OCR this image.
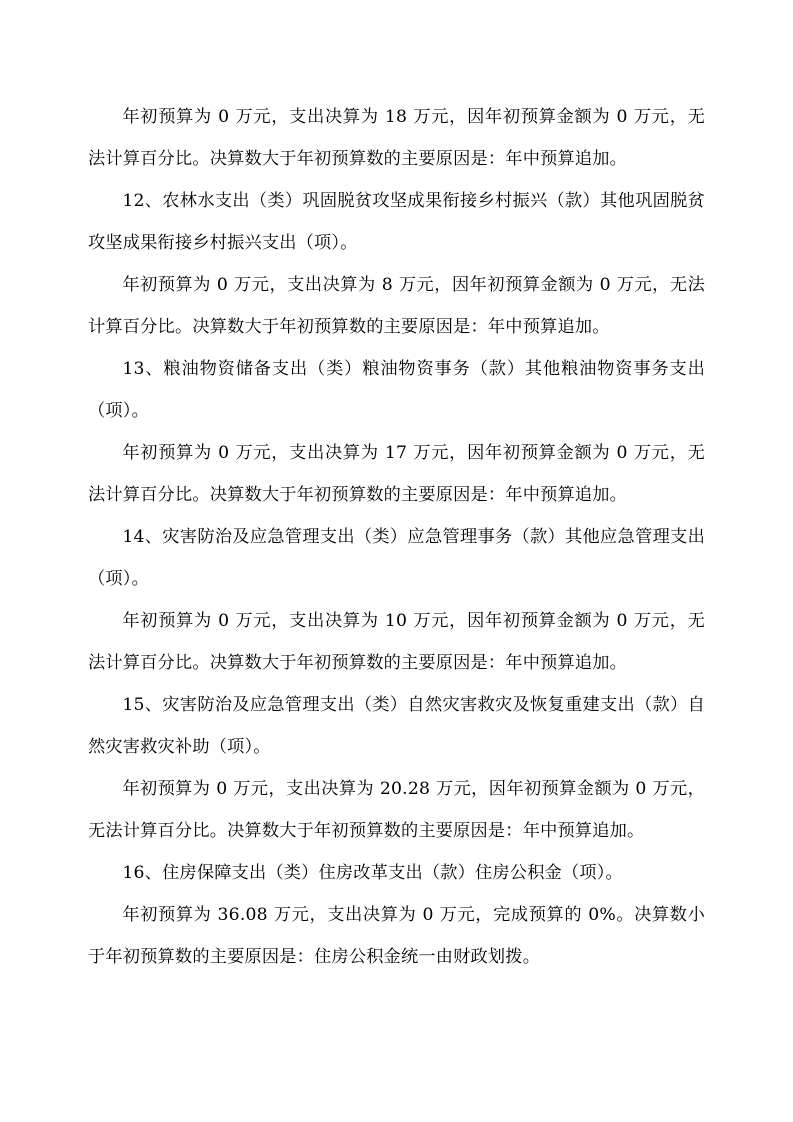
年初预算为 0 万元，支出决算为 18 万元，因年初预算金额为 0 万元，无法计算百分比。决算数大于年初预算数的主要原因是：年中预算追加。

12、农林水支出（类）巩固脱贫攻坚成果衔接乡村振兴（款）其他巩固脱贫攻坚成果衔接乡村振兴支出（项）。

年初预算为 0 万元，支出决算为 8 万元，因年初预算金额为 0 万元，无法计算百分比。决算数大于年初预算数的主要原因是：年中预算追加。

13、粮油物资储备支出（类）粮油物资事务（款）其他粮油物资事务支出（项）。

年初预算为 0 万元，支出决算为 17 万元，因年初预算金额为 0 万元，无法计算百分比。决算数大于年初预算数的主要原因是：年中预算追加。

14、灾害防治及应急管理支出（类）应急管理事务（款）其他应急管理支出（项）。

年初预算为 0 万元，支出决算为 10 万元，因年初预算金额为 0 万元，无法计算百分比。决算数大于年初预算数的主要原因是：年中预算追加。

15、灾害防治及应急管理支出（类）自然灾害救灾及恢复重建支出（款）自然灾害救灾补助（项）。

年初预算为 0 万元，支出决算为 20.28 万元，因年初预算金额为 0 万元，无法计算百分比。决算数大于年初预算数的主要原因是：年中预算追加。

16、住房保障支出（类）住房改革支出（款）住房公积金（项）。

年初预算为 36.08 万元，支出决算为 0 万元，完成预算的 0%。决算数小于年初预算数的主要原因是：住房公积金统一由财政划拨。
